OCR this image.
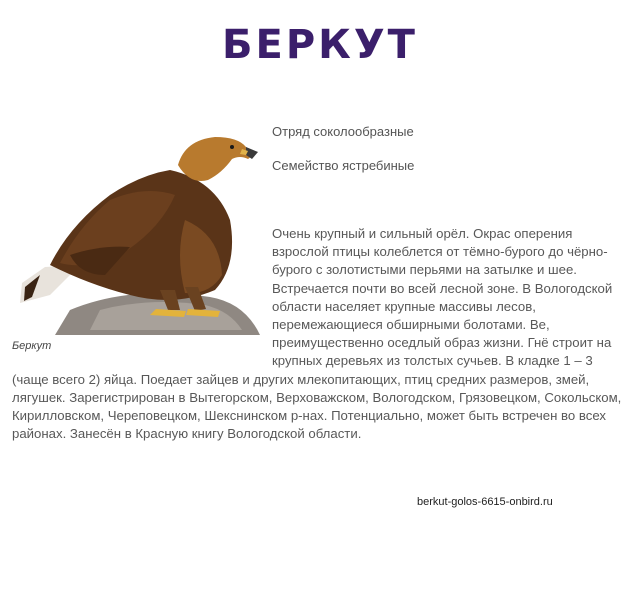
БЕРКУТ
Беркут
Отряд соколообразные
Семейство ястребиные

Очень крупный и сильный орёл. Окрас оперения взрослой птицы колеблется от тёмно-бурого до чёрно-бурого с золотистыми перьями на затылке и шее. Встречается почти во всей лесной зоне. В Вологодской области населяет крупные массивы лесов, перемежающиеся обширными болотами. Ве, преимущественно оседлый образ жизни. Гнё строит на крупных деревьях из толстых сучьев. В кладке 1 – 3 (чаще всего 2) яйца. Поедает зайцев и других млекопитающих, птиц средних размеров, змей, лягушек. Зарегистрирован в Вытегорском, Верховажском, Вологодском, Грязовецком, Сокольском, Кирилловском, Череповецком, Шекснинском р-нах. Потенциально, может быть встречен во всех районах. Занесён в Красную книгу Вологодской области.

berkut-golos-6615-onbird.ru
